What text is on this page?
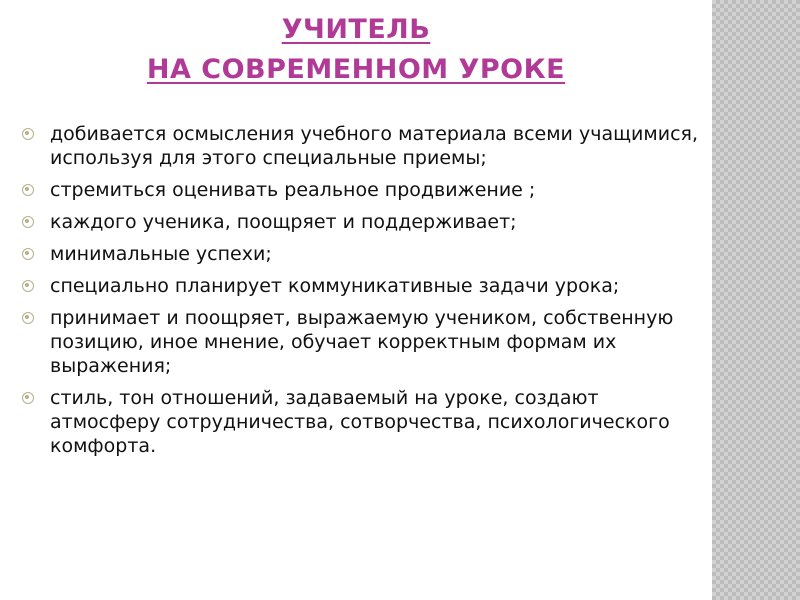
УЧИТЕЛЬ
НА СОВРЕМЕННОМ УРОКЕ
добивается осмысления учебного материала всеми учащимися, используя для этого специальные приемы;
стремиться оценивать реальное продвижение ;
каждого ученика, поощряет и поддерживает;
минимальные успехи;
специально планирует коммуникативные задачи урока;
принимает и поощряет, выражаемую учеником, собственную позицию, иное мнение, обучает корректным формам их выражения;
стиль, тон отношений, задаваемый на уроке, создают атмосферу сотрудничества, сотворчества, психологического комфорта.
